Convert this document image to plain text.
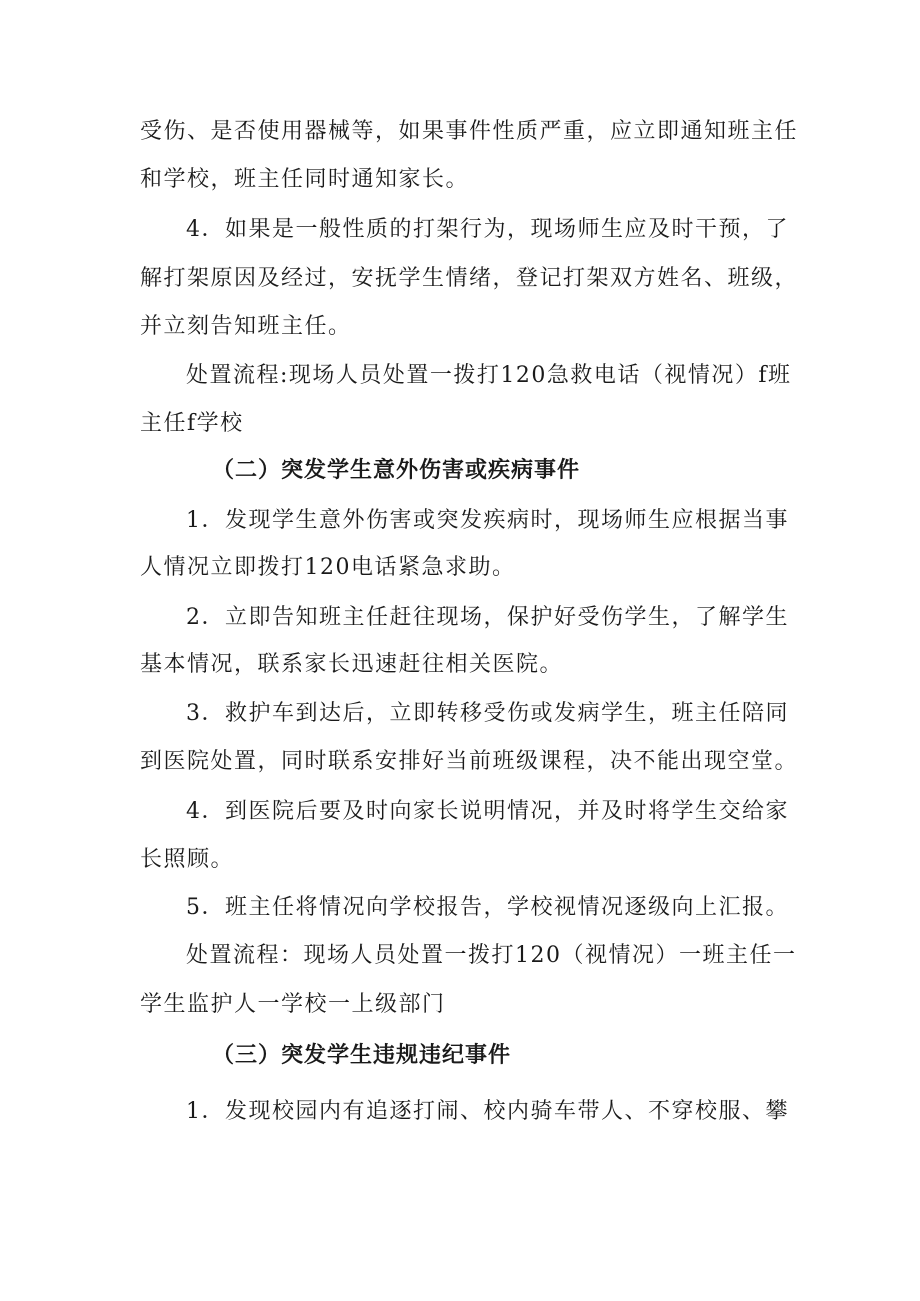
受伤、是否使用器械等，如果事件性质严重，应立即通知班主任
和学校，班主任同时通知家长。
4．如果是一般性质的打架行为，现场师生应及时干预，了
解打架原因及经过，安抚学生情绪，登记打架双方姓名、班级，
并立刻告知班主任。
处置流程:现场人员处置一拨打120急救电话（视情况）f班
主任f学校
（二）突发学生意外伤害或疾病事件
1．发现学生意外伤害或突发疾病时，现场师生应根据当事
人情况立即拨打120电话紧急求助。
2．立即告知班主任赶往现场，保护好受伤学生，了解学生
基本情况，联系家长迅速赶往相关医院。
3．救护车到达后，立即转移受伤或发病学生，班主任陪同
到医院处置，同时联系安排好当前班级课程，决不能出现空堂。
4．到医院后要及时向家长说明情况，并及时将学生交给家
长照顾。
5．班主任将情况向学校报告，学校视情况逐级向上汇报。
处置流程：现场人员处置一拨打120（视情况）一班主任一
学生监护人一学校一上级部门
（三）突发学生违规违纪事件
1．发现校园内有追逐打闹、校内骑车带人、不穿校服、攀
